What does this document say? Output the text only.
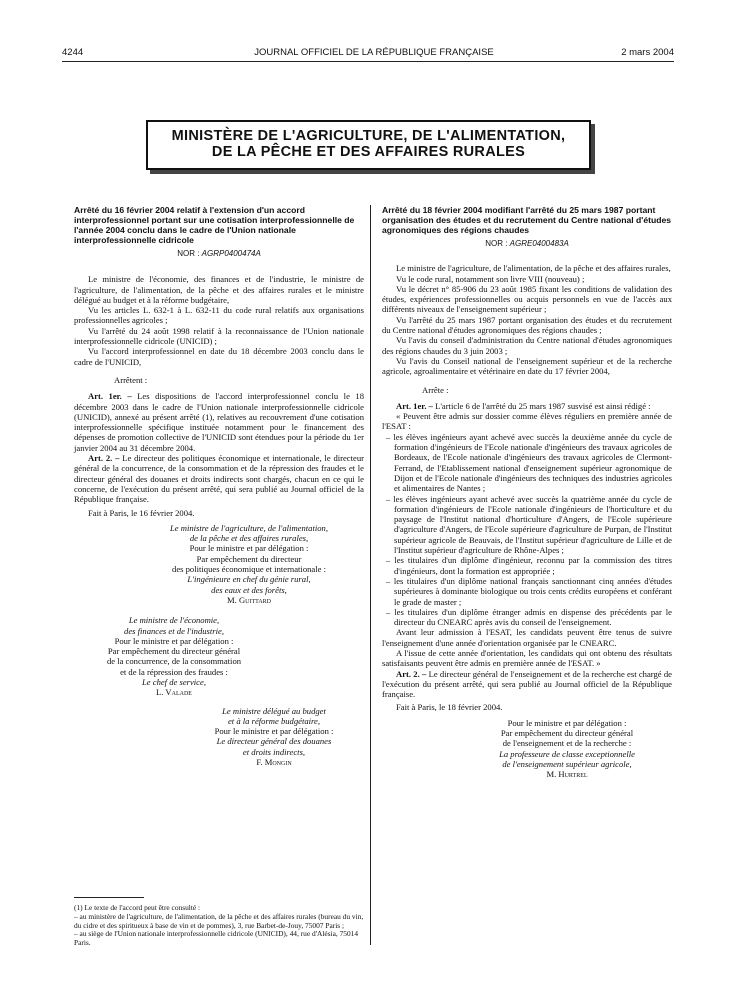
4244	JOURNAL OFFICIEL DE LA RÉPUBLIQUE FRANÇAISE	2 mars 2004
MINISTÈRE DE L'AGRICULTURE, DE L'ALIMENTATION,
DE LA PÊCHE ET DES AFFAIRES RURALES
Arrêté du 16 février 2004 relatif à l'extension d'un accord interprofessionnel portant sur une cotisation interprofessionnelle de l'année 2004 conclu dans le cadre de l'Union nationale interprofessionnelle cidricole

NOR : AGRP0400474A

Le ministre de l'économie, des finances et de l'industrie, le ministre de l'agriculture, de l'alimentation, de la pêche et des affaires rurales et le ministre délégué au budget et à la réforme budgétaire,

Vu les articles L. 632-1 à L. 632-11 du code rural relatifs aux organisations professionnelles agricoles ;

Vu l'arrêté du 24 août 1998 relatif à la reconnaissance de l'Union nationale interprofessionnelle cidricole (UNICID) ;

Vu l'accord interprofessionnel en date du 18 décembre 2003 conclu dans le cadre de l'UNICID,

Arrêtent :

Art. 1er. – Les dispositions de l'accord interprofessionnel conclu le 18 décembre 2003 dans le cadre de l'Union nationale interprofessionnelle cidricole (UNICID), annexé au présent arrêté (1), relatives au recouvrement d'une cotisation interprofessionnelle spécifique instituée notamment pour le financement des dépenses de promotion collective de l'UNICID sont étendues pour la période du 1er janvier 2004 au 31 décembre 2004.

Art. 2. – Le directeur des politiques économique et internationale, le directeur général de la concurrence, de la consommation et de la répression des fraudes et le directeur général des douanes et droits indirects sont chargés, chacun en ce qui le concerne, de l'exécution du présent arrêté, qui sera publié au Journal officiel de la République française.

Fait à Paris, le 16 février 2004.

Le ministre de l'agriculture, de l'alimentation,

de la pêche et des affaires rurales,

Pour le ministre et par délégation :

Par empêchement du directeur

des politiques économique et internationale :

L'ingénieure en chef du génie rural,

des eaux et des forêts,

M. Guittard

Le ministre de l'économie,

des finances et de l'industrie,

Pour le ministre et par délégation :

Par empêchement du directeur général

de la concurrence, de la consommation

et de la répression des fraudes :

Le chef de service,

L. Valade

Le ministre délégué au budget

et à la réforme budgétaire,

Pour le ministre et par délégation :

Le directeur général des douanes

et droits indirects,

F. Mongin

(1) Le texte de l'accord peut être consulté :

– au ministère de l'agriculture, de l'alimentation, de la pêche et des affaires rurales (bureau du vin, du cidre et des spiritueux à base de vin et de pommes), 3, rue Barbet-de-Jouy, 75007 Paris ;

– au siège de l'Union nationale interprofessionnelle cidricole (UNICID), 44, rue d'Alésia, 75014 Paris.

Arrêté du 18 février 2004 modifiant l'arrêté du 25 mars 1987 portant organisation des études et du recrutement du Centre national d'études agronomiques des régions chaudes

NOR : AGRE0400483A

Le ministre de l'agriculture, de l'alimentation, de la pêche et des affaires rurales,

Vu le code rural, notamment son livre VIII (nouveau) ;

Vu le décret n° 85-906 du 23 août 1985 fixant les conditions de validation des études, expériences professionnelles ou acquis personnels en vue de l'accès aux différents niveaux de l'enseignement supérieur ;

Vu l'arrêté du 25 mars 1987 portant organisation des études et du recrutement du Centre national d'études agronomiques des régions chaudes ;

Vu l'avis du conseil d'administration du Centre national d'études agronomiques des régions chaudes du 3 juin 2003 ;

Vu l'avis du Conseil national de l'enseignement supérieur et de la recherche agricole, agroalimentaire et vétérinaire en date du 17 février 2004,

Arrête :

Art. 1er. – L'article 6 de l'arrêté du 25 mars 1987 susvisé est ainsi rédigé :

« Peuvent être admis sur dossier comme élèves réguliers en première année de l'ESAT :

– les élèves ingénieurs ayant achevé avec succès la deuxième année du cycle de formation d'ingénieurs de l'Ecole nationale d'ingénieurs des travaux agricoles de Bordeaux, de l'Ecole nationale d'ingénieurs des travaux agricoles de Clermont-Ferrand, de l'Etablissement national d'enseignement supérieur agronomique de Dijon et de l'Ecole nationale d'ingénieurs des techniques des industries agricoles et alimentaires de Nantes ;

– les élèves ingénieurs ayant achevé avec succès la quatrième année du cycle de formation d'ingénieurs de l'Ecole nationale d'ingénieurs de l'horticulture et du paysage de l'Institut national d'horticulture d'Angers, de l'Ecole supérieure d'agriculture d'Angers, de l'Ecole supérieure d'agriculture de Purpan, de l'Institut supérieur agricole de Beauvais, de l'Institut supérieur d'agriculture de Lille et de l'Institut supérieur d'agriculture de Rhône-Alpes ;

– les titulaires d'un diplôme d'ingénieur, reconnu par la commission des titres d'ingénieurs, dont la formation est appropriée ;

– les titulaires d'un diplôme national français sanctionnant cinq années d'études supérieures à dominante biologique ou trois cents crédits européens et conférant le grade de master ;

– les titulaires d'un diplôme étranger admis en dispense des précédents par le directeur du CNEARC après avis du conseil de l'enseignement.

Avant leur admission à l'ESAT, les candidats peuvent être tenus de suivre l'enseignement d'une année d'orientation organisée par le CNEARC.

A l'issue de cette année d'orientation, les candidats qui ont obtenu des résultats satisfaisants peuvent être admis en première année de l'ESAT. »

Art. 2. – Le directeur général de l'enseignement et de la recherche est chargé de l'exécution du présent arrêté, qui sera publié au Journal officiel de la République française.

Fait à Paris, le 18 février 2004.

Pour le ministre et par délégation :

Par empêchement du directeur général

de l'enseignement et de la recherche :

La professeure de classe exceptionnelle

de l'enseignement supérieur agricole,

M. Hurtrel
